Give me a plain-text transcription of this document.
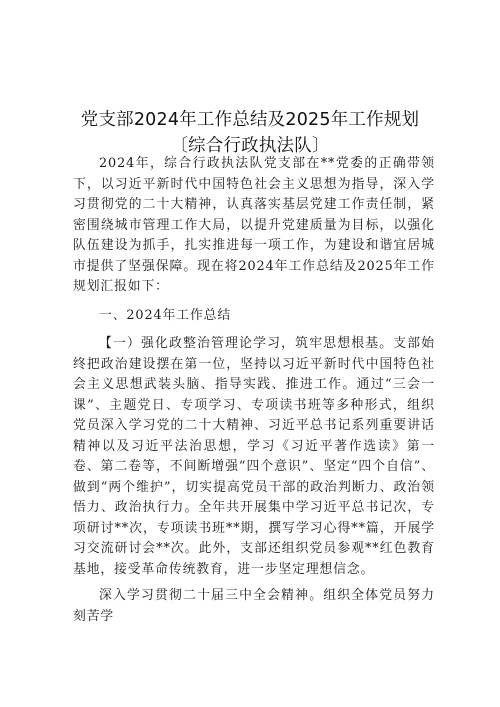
党支部2024年工作总结及2025年工作规划
〔综合行政执法队〕

2024年，综合行政执法队党支部在**党委的正确带领下，以习近平新时代中国特色社会主义思想为指导，深入学习贯彻党的二十大精神，认真落实基层党建工作责任制，紧密围绕城市管理工作大局，以提升党建质量为目标，以强化队伍建设为抓手，扎实推进每一项工作，为建设和谐宜居城市提供了坚强保障。现在将2024年工作总结及2025年工作规划汇报如下：

一、2024年工作总结

【一）强化政整治管理论学习，筑牢思想根基。支部始终把政治建设摆在第一位，坚持以习近平新时代中国特色社会主义思想武装头脑、指导实践、推进工作。通过“三会一课”、主题党日、专项学习、专项读书班等多种形式，组织党员深入学习党的二十大精神、习近平总书记系列重要讲话精神以及习近平法治思想，学习《习近平著作选读》第一卷、第二卷等，不间断增强“四个意识”、坚定“四个自信”、做到“两个维护”，切实提高党员干部的政治判断力、政治领悟力、政治执行力。全年共开展集中学习近平总书记次，专项研讨**次，专项读书班**期，撰写学习心得**篇，开展学习交流研讨会**次。此外，支部还组织党员参观**红色教育基地，接受革命传统教育，进一步坚定理想信念。

深入学习贯彻二十届三中全会精神。组织全体党员努力刻苦学
